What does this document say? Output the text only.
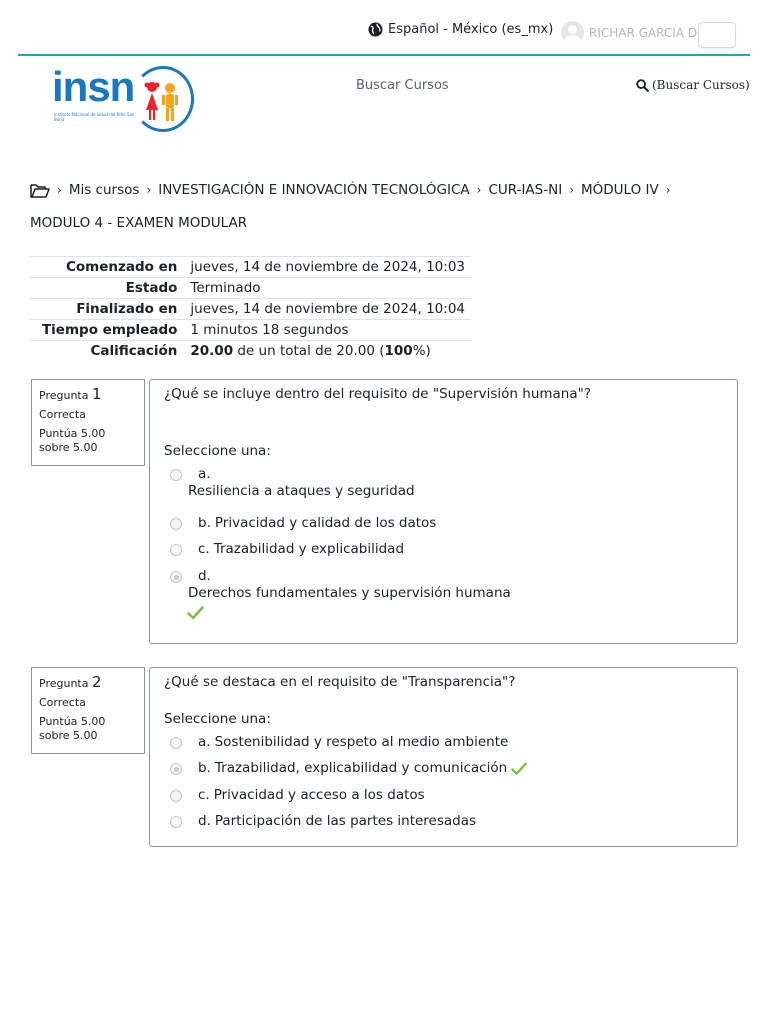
Español - México (es_mx)	RICHAR GARCIA D
insn
Instituto Nacional de Salud del Niño San Borja
Buscar Cursos	(Buscar Cursos)
› Mis cursos › INVESTIGACIÓN E INNOVACIÓN TECNOLÓGICA › CUR-IAS-NI › MÓDULO IV ›
MODULO 4 - EXAMEN MODULAR
Comenzado en	jueves, 14 de noviembre de 2024, 10:03
Estado	Terminado
Finalizado en	jueves, 14 de noviembre de 2024, 10:04
Tiempo empleado	1 minutos 18 segundos
Calificación	20.00 de un total de 20.00 (100%)
Pregunta 1
Correcta
Puntúa 5.00 sobre 5.00
¿Qué se incluye dentro del requisito de "Supervisión humana"?
Seleccione una:
a.
Resiliencia a ataques y seguridad
b. Privacidad y calidad de los datos
c. Trazabilidad y explicabilidad
d.
Derechos fundamentales y supervisión humana
Pregunta 2
Correcta
Puntúa 5.00 sobre 5.00
¿Qué se destaca en el requisito de "Transparencia"?
Seleccione una:
a. Sostenibilidad y respeto al medio ambiente
b. Trazabilidad, explicabilidad y comunicación
c. Privacidad y acceso a los datos
d. Participación de las partes interesadas
